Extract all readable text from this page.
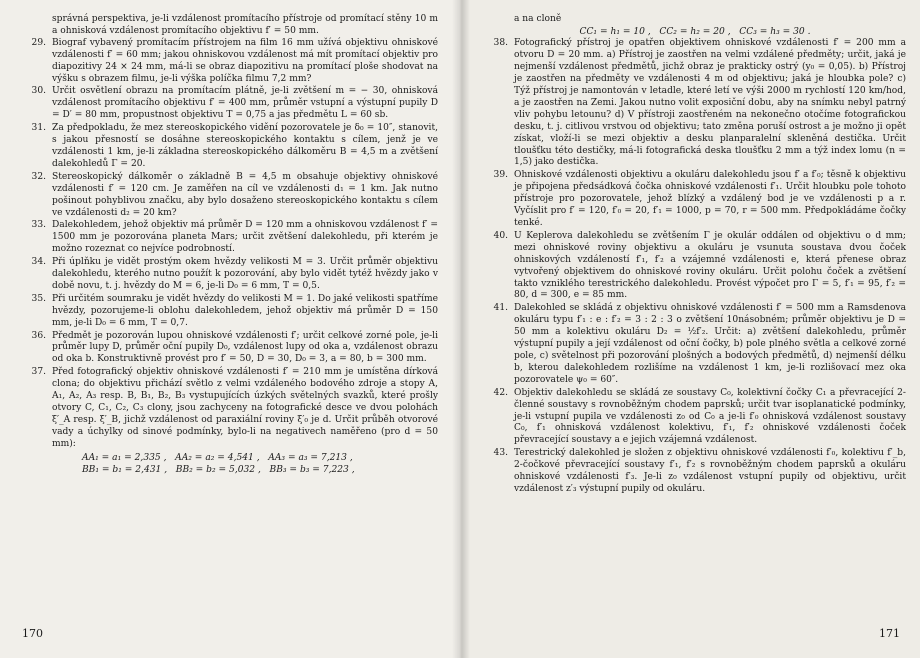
správná perspektiva, je-li vzdálenost promítacího přístroje od promítací stěny 10 m a ohnisková vzdálenost promítacího objektivu f′ = 50 mm.
29. Biograf vybavený promítacím přístrojem na film 16 mm užívá objektivu ohniskové vzdálenosti f′ = 60 mm; jakou ohniskovou vzdálenost má mít promítací objektiv pro diapozitivy 24 × 24 mm, má-li se obraz diapozitivu na promítací ploše shodovat na výšku s obrazem filmu, je-li výška políčka filmu 7,2 mm?
30. Určit osvětlení obrazu na promítacím plátně, je-li zvětšení m = − 30, ohnisková vzdálenost promítacího objektivu f′ = 400 mm, průměr vstupní a výstupní pupily D = D′ = 80 mm, propustnost objektivu T = 0,75 a jas předmětu L = 60 sb.
31. Za předpokladu, že mez stereoskopického vidění pozorovatele je δ₀ = 10″, stanovit, s jakou přesností se dosáhne stereoskopického kontaktu s cílem, jenž je ve vzdálenosti 1 km, je-li základna stereoskopického dálkoměru B = 4,5 m a zvětšení dalekohledů Γ = 20.
32. Stereoskopický dálkoměr o základně B = 4,5 m obsahuje objektivy ohniskové vzdálenosti f′ = 120 cm. Je zaměřen na cíl ve vzdálenosti d₁ = 1 km. Jak nutno pošinout pohyblivou značku, aby bylo dosaženo stereoskopického kontaktu s cílem ve vzdálenosti d₂ = 20 km?
33. Dalekohledem, jehož objektiv má průměr D = 120 mm a ohniskovou vzdálenost f′ = 1500 mm je pozorována planeta Mars; určit zvětšení dalekohledu, při kterém je možno rozeznat co nejvíce podrobností.
34. Při úplňku je vidět prostým okem hvězdy velikosti M = 3. Určit průměr objektivu dalekohledu, kterého nutno použít k pozorování, aby bylo vidět tytéž hvězdy jako v době novu, t. j. hvězdy do M = 6, je-li D₀ = 6 mm, T = 0,5.
35. Při určitém soumraku je vidět hvězdy do velikosti M = 1. Do jaké velikosti spatříme hvězdy, pozorujeme-li oblohu dalekohledem, jehož objektiv má průměr D = 150 mm, je-li D₀ = 6 mm, T = 0,7.
36. Předmět je pozorován lupou ohniskové vzdálenosti f′; určit celkové zorné pole, je-li průměr lupy D, průměr oční pupily D₀, vzdálenost lupy od oka a, vzdálenost obrazu od oka b. Konstruktivně provést pro f′ = 50, D = 30, D₀ = 3, a = 80, b = 300 mm.
37. Před fotografický objektiv ohniskové vzdálenosti f′ = 210 mm je umístěna dírková clona; do objektivu přichází světlo z velmi vzdáleného bodového zdroje a stopy A, A₁, A₂, A₃ resp. B, B₁, B₂, B₃ vystupujících úzkých světelných svazků, které prošly otvory C, C₁, C₂, C₃ clony, jsou zachyceny na fotografické desce ve dvou polohách ξ′_A resp. ξ′_B, jichž vzdálenost od paraxiální roviny ξ′₀ je d. Určit průběh otvorové vady a úchylky od sinové podmínky, bylo-li na negativech naměřeno (pro d = 50 mm):
AA₁ = a₁ = 2,335 ,   AA₂ = a₂ = 4,541 ,   AA₃ = a₃ = 7,213 ,
BB₁ = b₁ = 2,431 ,   BB₂ = b₂ = 5,032 ,   BB₃ = b₃ = 7,223 ,
170
a na cloně
CC₁ = h₁ = 10 ,   CC₂ = h₂ = 20 ,   CC₃ = h₃ = 30 .
38. Fotografický přístroj je opatřen objektivem ohniskové vzdálenosti f′ = 200 mm a otvoru D = 20 mm. a) Přístroj je zaostřen na velmi vzdálené předměty; určit, jaká je nejmenší vzdálenost předmětů, jichž obraz je prakticky ostrý (y₀ = 0,05). b) Přístroj je zaostřen na předměty ve vzdálenosti 4 m od objektivu; jaká je hloubka pole? c) Týž přístroj je namontován v letadle, které letí ve výši 2000 m rychlostí 120 km/hod, a je zaostřen na Zemi. Jakou nutno volit exposiční dobu, aby na snímku nebyl patrný vliv pohybu letounu? d) V přístroji zaostřeném na nekonečno otočíme fotografickou desku, t. j. citlivou vrstvou od objektivu; tato změna poruší ostrost a je možno ji opět získat, vloží-li se mezi objektiv a desku planparalelní skleněná destička. Určit tloušťku této destičky, má-li fotografická deska tloušťku 2 mm a týž index lomu (n = 1,5) jako destička.
39. Ohniskové vzdálenosti objektivu a okuláru dalekohledu jsou f′ a f′₀; těsně k objektivu je připojena předsádková čočka ohniskové vzdálenosti f′₁. Určit hloubku pole tohoto přístroje pro pozorovatele, jehož blízký a vzdálený bod je ve vzdálenosti p a r. Vyčíslit pro f′ = 120, f′₀ = 20, f′₁ = 1000, p = 70, r = 500 mm. Předpokládáme čočky tenké.
40. U Keplerova dalekohledu se zvětšením Γ je okulár oddálen od objektivu o d mm; mezi ohniskové roviny objektivu a okuláru je vsunuta soustava dvou čoček ohniskových vzdáleností f′₁, f′₂ a vzájemné vzdálenosti e, která přenese obraz vytvořený objektivem do ohniskové roviny okuláru. Určit polohu čoček a zvětšení takto vzniklého terestrického dalekohledu. Provést výpočet pro Γ = 5, f′₁ = 95, f′₂ = 80, d = 300, e = 85 mm.
41. Dalekohled se skládá z objektivu ohniskové vzdálenosti f′ = 500 mm a Ramsdenova okuláru typu f′₁ : e : f′₂ = 3 : 2 : 3 o zvětšení 10násobném; průměr objektivu je D = 50 mm a kolektivu okuláru D₂ = ½f′₂. Určit: a) zvětšení dalekohledu, průměr výstupní pupily a její vzdálenost od oční čočky, b) pole plného světla a celkové zorné pole, c) světelnost při pozorování plošných a bodových předmětů, d) nejmenší délku b, kterou dalekohledem rozlišíme na vzdálenost 1 km, je-li rozlišovací mez oka pozorovatele ψ₀ = 60″.
42. Objektiv dalekohledu se skládá ze soustavy C₀, kolektivní čočky C₁ a převracející 2-členné soustavy s rovnoběžným chodem paprsků; určit tvar isoplanatické podmínky, je-li vstupní pupila ve vzdálenosti z₀ od C₀ a je-li f′₀ ohnisková vzdálenost soustavy C₀, f′₁ ohnisková vzdálenost kolektivu, f′₁, f′₂ ohniskové vzdálenosti čoček převracející soustavy a e jejich vzájemná vzdálenost.
43. Terestrický dalekohled je složen z objektivu ohniskové vzdálenosti f′₀, kolektivu f′_b, 2-čočkové převracející soustavy f′₁, f′₂ s rovnoběžným chodem paprsků a okuláru ohniskové vzdálenosti f′₃. Je-li z₀ vzdálenost vstupní pupily od objektivu, určit vzdálenost z′₃ výstupní pupily od okuláru.
171
